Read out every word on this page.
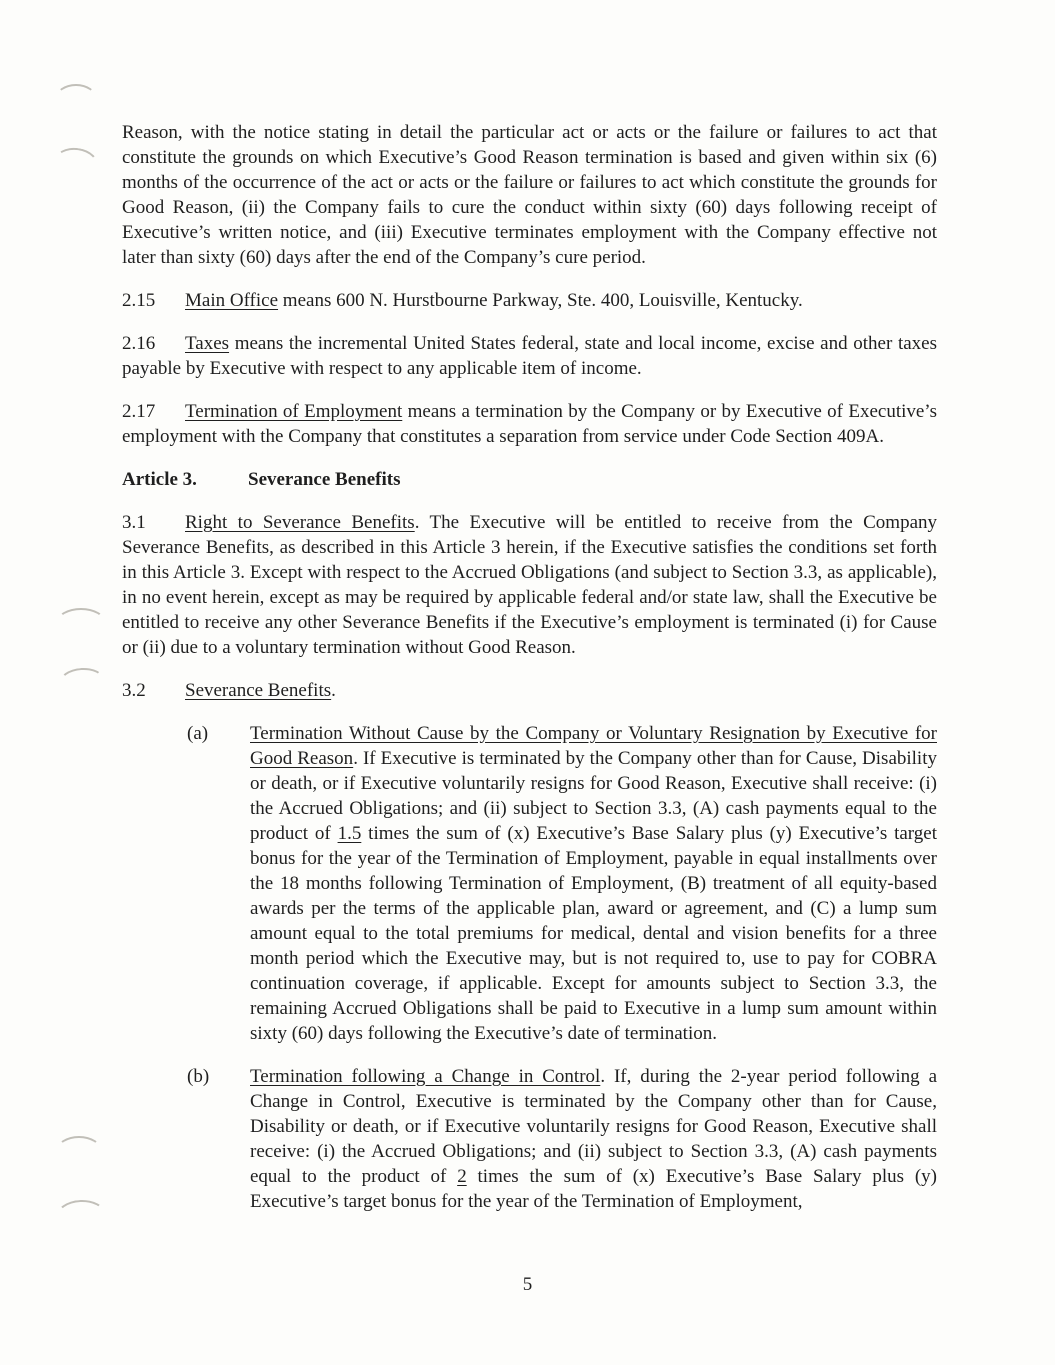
Reason, with the notice stating in detail the particular act or acts or the failure or failures to act that constitute the grounds on which Executive’s Good Reason termination is based and given within six (6) months of the occurrence of the act or acts or the failure or failures to act which constitute the grounds for Good Reason, (ii) the Company fails to cure the conduct within sixty (60) days following receipt of Executive’s written notice, and (iii) Executive terminates employment with the Company effective not later than sixty (60) days after the end of the Company’s cure period.

2.15 Main Office means 600 N. Hurstbourne Parkway, Ste. 400, Louisville, Kentucky.

2.16 Taxes means the incremental United States federal, state and local income, excise and other taxes payable by Executive with respect to any applicable item of income.

2.17 Termination of Employment means a termination by the Company or by Executive of Executive’s employment with the Company that constitutes a separation from service under Code Section 409A.

Article 3.	Severance Benefits

3.1 Right to Severance Benefits. The Executive will be entitled to receive from the Company Severance Benefits, as described in this Article 3 herein, if the Executive satisfies the conditions set forth in this Article 3. Except with respect to the Accrued Obligations (and subject to Section 3.3, as applicable), in no event herein, except as may be required by applicable federal and/or state law, shall the Executive be entitled to receive any other Severance Benefits if the Executive’s employment is terminated (i) for Cause or (ii) due to a voluntary termination without Good Reason.

3.2 Severance Benefits.

(a)	Termination Without Cause by the Company or Voluntary Resignation by Executive for Good Reason. If Executive is terminated by the Company other than for Cause, Disability or death, or if Executive voluntarily resigns for Good Reason, Executive shall receive: (i) the Accrued Obligations; and (ii) subject to Section 3.3, (A) cash payments equal to the product of 1.5 times the sum of (x) Executive’s Base Salary plus (y) Executive’s target bonus for the year of the Termination of Employment, payable in equal installments over the 18 months following Termination of Employment, (B) treatment of all equity-based awards per the terms of the applicable plan, award or agreement, and (C) a lump sum amount equal to the total premiums for medical, dental and vision benefits for a three month period which the Executive may, but is not required to, use to pay for COBRA continuation coverage, if applicable. Except for amounts subject to Section 3.3, the remaining Accrued Obligations shall be paid to Executive in a lump sum amount within sixty (60) days following the Executive’s date of termination.
(b)	Termination following a Change in Control. If, during the 2-year period following a Change in Control, Executive is terminated by the Company other than for Cause, Disability or death, or if Executive voluntarily resigns for Good Reason, Executive shall receive: (i) the Accrued Obligations; and (ii) subject to Section 3.3, (A) cash payments equal to the product of 2 times the sum of (x) Executive’s Base Salary plus (y) Executive’s target bonus for the year of the Termination of Employment,
5
